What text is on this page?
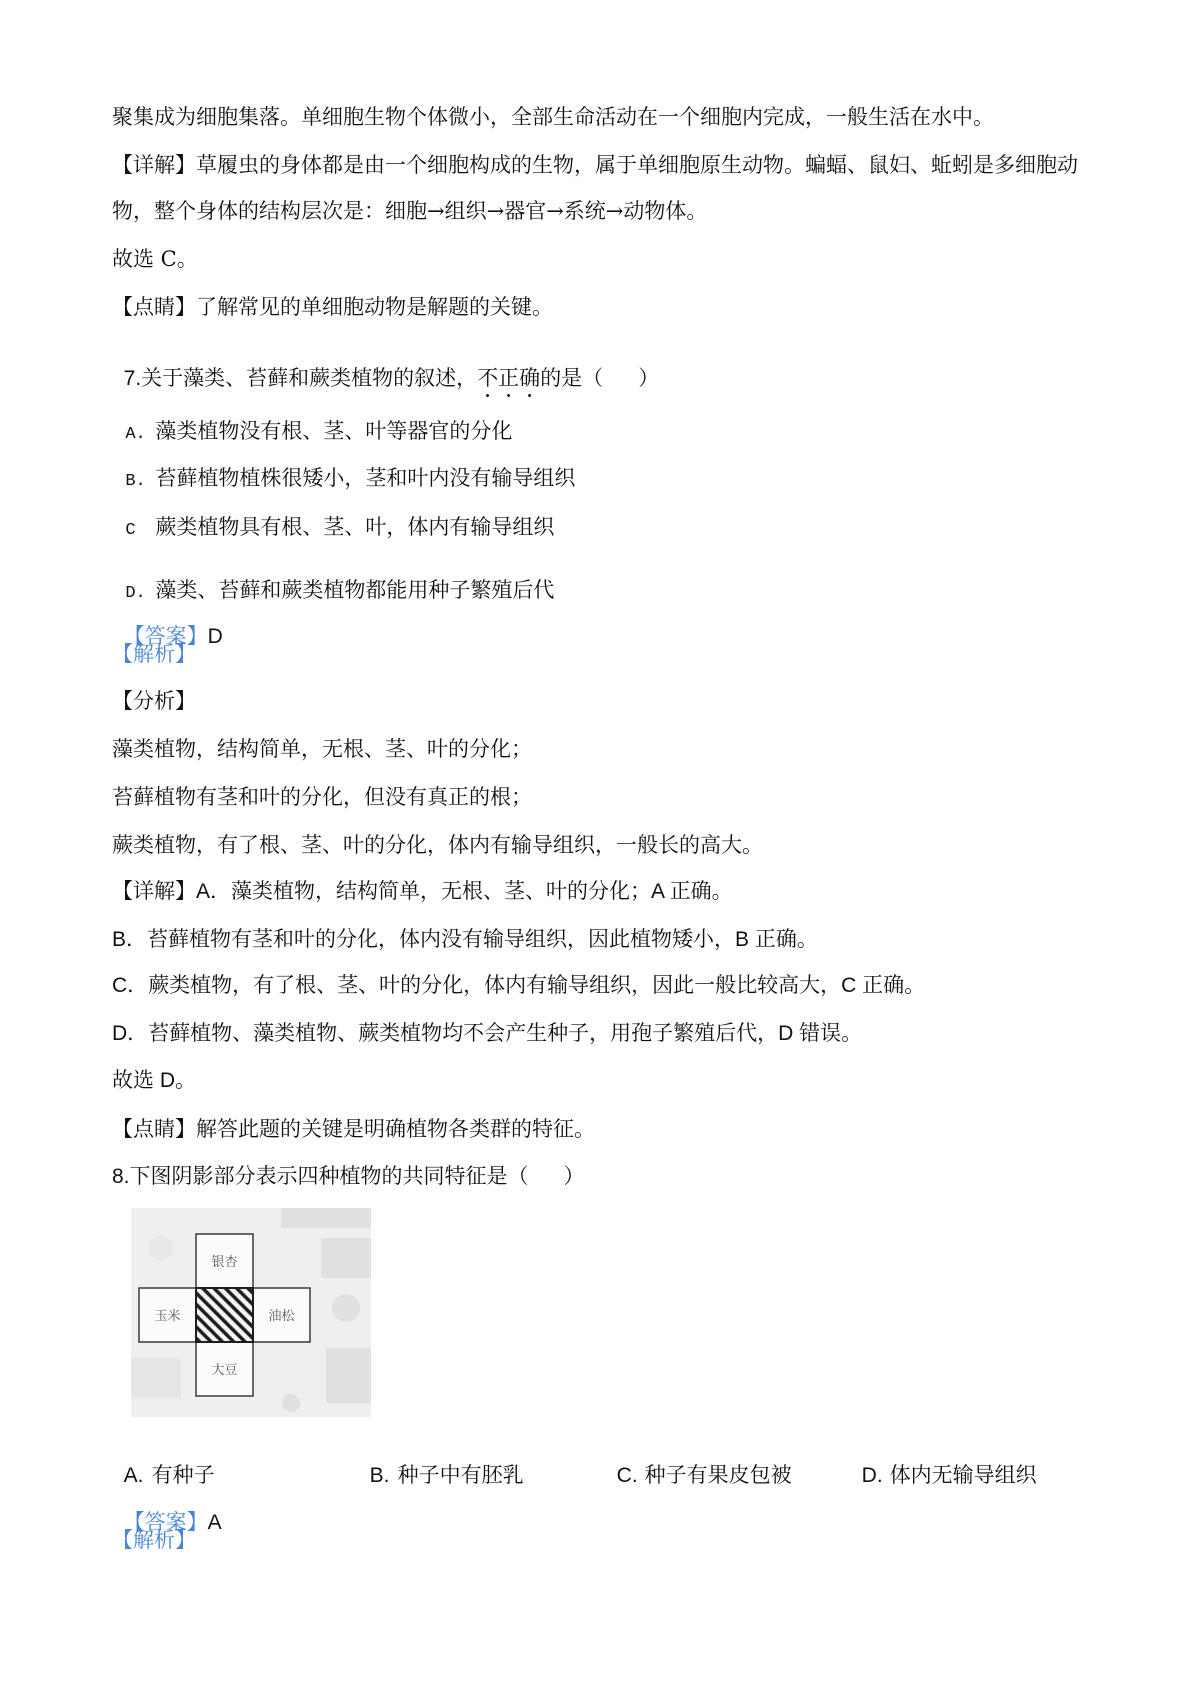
聚集成为细胞集落。单细胞生物个体微小，全部生命活动在一个细胞内完成，一般生活在水中。
【详解】草履虫的身体都是由一个细胞构成的生物，属于单细胞原生动物。蝙蝠、鼠妇、蚯蚓是多细胞动
物，整个身体的结构层次是：细胞→组织→器官→系统→动物体。
故选 C。
【点睛】了解常见的单细胞动物是解题的关键。

7.关于藻类、苔藓和蕨类植物的叙述，不正确的是（      ）

A. 藻类植物没有根、茎、叶等器官的分化

B. 苔藓植物植株很矮小，茎和叶内没有输导组织

C 蕨类植物具有根、茎、叶，体内有输导组织

D. 藻类、苔藓和蕨类植物都能用种子繁殖后代

【答案】D

【解析】
【分析】
藻类植物，结构简单，无根、茎、叶的分化；
苔藓植物有茎和叶的分化，但没有真正的根；
蕨类植物，有了根、茎、叶的分化，体内有输导组织，一般长的高大。
【详解】A．藻类植物，结构简单，无根、茎、叶的分化；A 正确。
B．苔藓植物有茎和叶的分化，体内没有输导组织，因此植物矮小，B 正确。
C．蕨类植物，有了根、茎、叶的分化，体内有输导组织，因此一般比较高大，C 正确。
D．苔藓植物、藻类植物、蕨类植物均不会产生种子，用孢子繁殖后代，D 错误。
故选 D。
【点睛】解答此题的关键是明确植物各类群的特征。
8.下图阴影部分表示四种植物的共同特征是（      ）
银杏
玉米	油松
大豆

A. 有种子	B. 种子中有胚乳	C. 种子有果皮包被	D. 体内无输导组织

【答案】A

【解析】
